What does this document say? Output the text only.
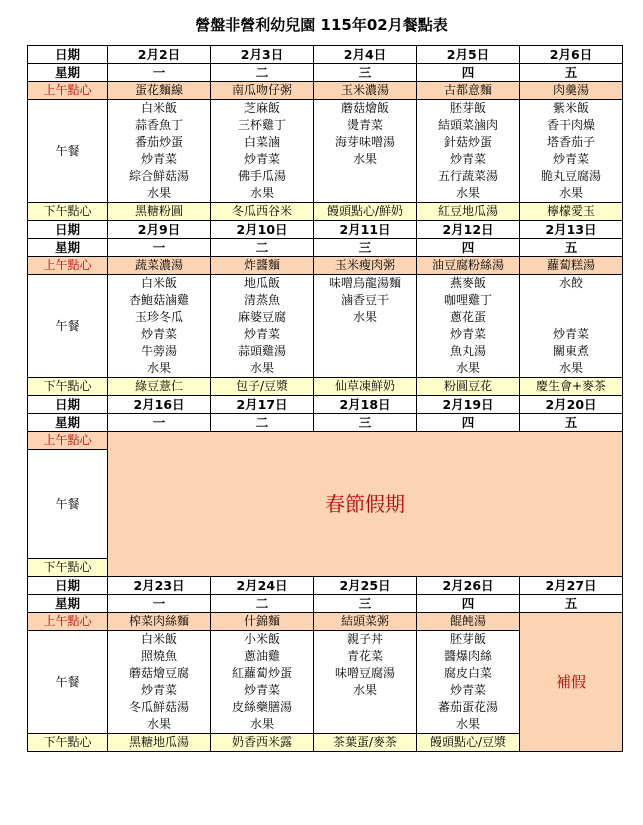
營盤非營利幼兒園 115年02月餐點表
日期	2月2日	2月3日	2月4日	2月5日	2月6日
星期	一	二	三	四	五
上午點心	蛋花麵線	南瓜吻仔粥	玉米濃湯	古都意麵	肉羹湯
午餐	白米飯	芝麻飯	蘑菇燴飯	胚芽飯	紫米飯
	蒜香魚丁	三杯雞丁	燙青菜	結頭菜滷肉	香干肉燥
	番茄炒蛋	白菜滷	海芽味噌湯	針菇炒蛋	塔香茄子
	炒青菜	炒青菜	水果	炒青菜	炒青菜
	綜合鮮菇湯	佛手瓜湯		五行蔬菜湯	脆丸豆腐湯
	水果	水果		水果	水果
下午點心	黑糖粉圓	冬瓜西谷米	饅頭點心/鮮奶	紅豆地瓜湯	檸檬愛玉
日期	2月9日	2月10日	2月11日	2月12日	2月13日
星期	一	二	三	四	五
上午點心	蔬菜濃湯	炸醬麵	玉米瘦肉粥	油豆腐粉絲湯	蘿蔔糕湯
午餐	白米飯	地瓜飯	味噌烏龍湯麵	燕麥飯	水餃
	杏鮑菇滷雞	清蒸魚	滷香豆干	咖哩雞丁	
	玉珍冬瓜	麻婆豆腐	水果	蔥花蛋	
	炒青菜	炒青菜		炒青菜	炒青菜
	牛蒡湯	蒜頭雞湯		魚丸湯	關東煮
	水果	水果		水果	水果
下午點心	綠豆薏仁	包子/豆漿	仙草凍鮮奶	粉圓豆花	慶生會+麥茶
日期	2月16日	2月17日	2月18日	2月19日	2月20日
星期	一	二	三	四	五
上午點心	春節假期				
午餐					

下午點心					
日期	2月23日	2月24日	2月25日	2月26日	2月27日
星期	一	二	三	四	五
上午點心	榨菜肉絲麵	什錦麵	結頭菜粥	餛飩湯	補假
午餐	白米飯	小米飯	親子丼	胚芽飯	
	照燒魚	蔥油雞	青花菜	醬爆肉絲	
	蘑菇燴豆腐	紅蘿蔔炒蛋	味噌豆腐湯	腐皮白菜	
	炒青菜	炒青菜	水果	炒青菜	
	冬瓜鮮菇湯	皮絲藥膳湯		蕃茄蛋花湯	
	水果	水果		水果	
下午點心	黑糖地瓜湯	奶香西米露	茶葉蛋/麥茶	饅頭點心/豆漿	
